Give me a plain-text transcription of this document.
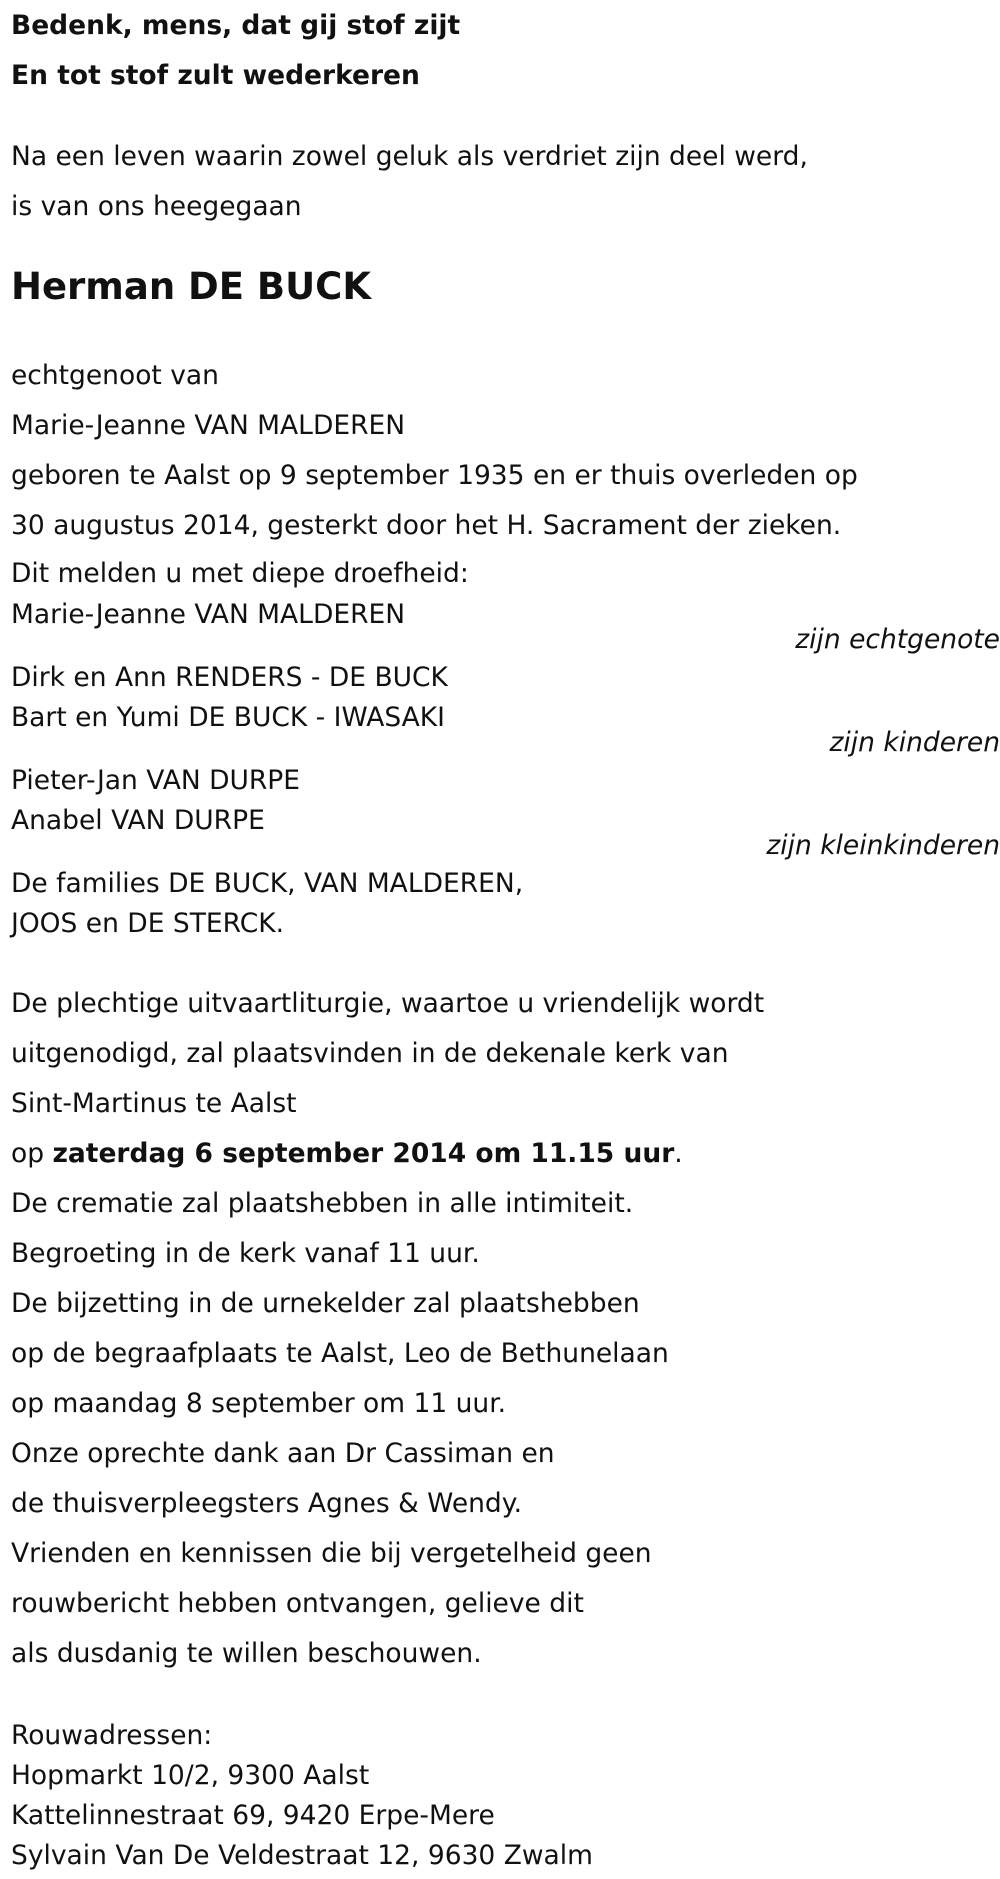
Bedenk, mens, dat gij stof zijt
En tot stof zult wederkeren
Na een leven waarin zowel geluk als verdriet zijn deel werd,
is van ons heegegaan
Herman DE BUCK
echtgenoot van
Marie-Jeanne VAN MALDEREN
geboren te Aalst op 9 september 1935 en er thuis overleden op
30 augustus 2014, gesterkt door het H. Sacrament der zieken.
Dit melden u met diepe droefheid:
Marie-Jeanne VAN MALDEREN
zijn echtgenote
Dirk en Ann RENDERS - DE BUCK
Bart en Yumi DE BUCK - IWASAKI
zijn kinderen
Pieter-Jan VAN DURPE
Anabel VAN DURPE
zijn kleinkinderen
De families DE BUCK, VAN MALDEREN,
JOOS en DE STERCK.
De plechtige uitvaartliturgie, waartoe u vriendelijk wordt
uitgenodigd, zal plaatsvinden in de dekenale kerk van
Sint-Martinus te Aalst
op zaterdag 6 september 2014 om 11.15 uur.
De crematie zal plaatshebben in alle intimiteit.
Begroeting in de kerk vanaf 11 uur.
De bijzetting in de urnekelder zal plaatshebben
op de begraafplaats te Aalst, Leo de Bethunelaan
op maandag 8 september om 11 uur.
Onze oprechte dank aan Dr Cassiman en
de thuisverpleegsters Agnes & Wendy.
Vrienden en kennissen die bij vergetelheid geen
rouwbericht hebben ontvangen, gelieve dit
als dusdanig te willen beschouwen.
Rouwadressen:
Hopmarkt 10/2, 9300 Aalst
Kattelinnestraat 69, 9420 Erpe-Mere
Sylvain Van De Veldestraat 12, 9630 Zwalm
